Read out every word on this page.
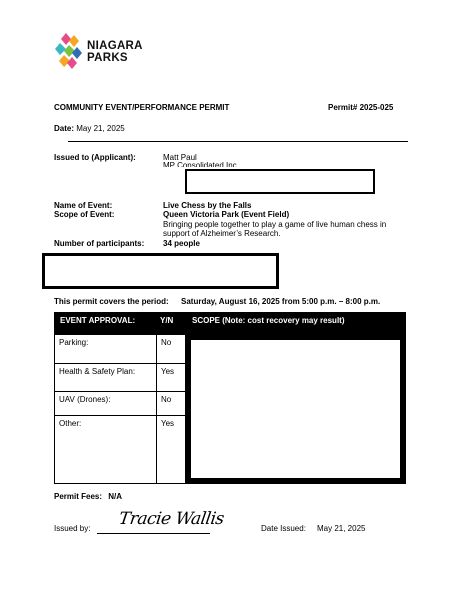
NIAGARA
PARKS
COMMUNITY EVENT/PERFORMANCE PERMIT	Permit# 2025-025
Date: May 21, 2025
Issued to (Applicant):	Matt Paul
MP Consolidated Inc.
Name of Event:	Live Chess by the Falls
Scope of Event:	Queen Victoria Park (Event Field)
Bringing people together to play a game of live human chess in
support of Alzheimer’s Research.
Number of participants: 34 people
This permit covers the period: Saturday, August 16, 2025 from 5:00 p.m. – 8:00 p.m.
EVENT APPROVAL:	Y/N SCOPE (Note: cost recovery may result)
Parking:	No
Health & Safety Plan:	Yes
UAV (Drones):	No
Other:	Yes
Permit Fees: N/A
Issued by: Tracie Wallis	Date Issued: May 21, 2025
